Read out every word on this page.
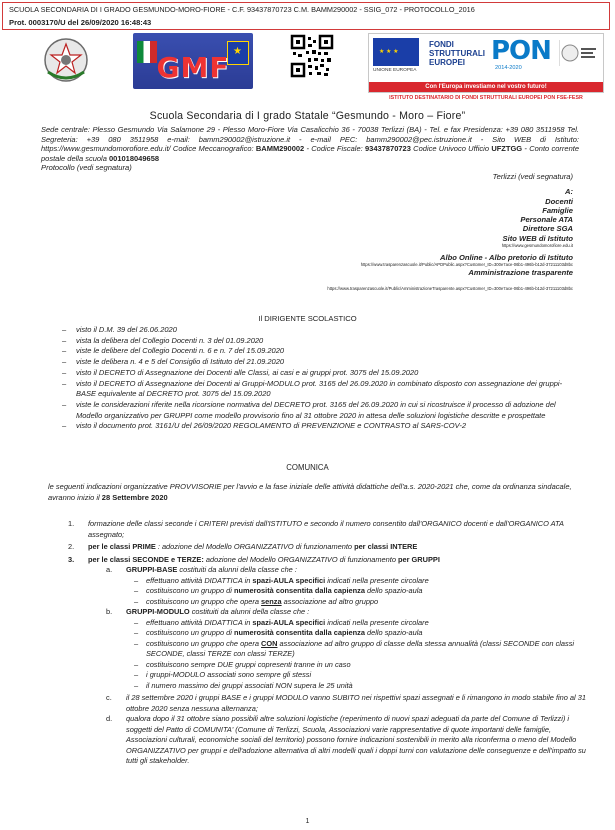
SCUOLA SECONDARIA DI I GRADO GESMUNDO-MORO-FIORE - C.F. 93437870723 C.M. BAMM290002 - SSIG_072 - PROTOCOLLO_2016
Prot. 0003170/U del 26/09/2020 16:48:43
★
GMF
★ ★ ★	UNIONE EUROPEA
FONDI
STRUTTURALI
EUROPEI PON
2014-2020
Con l'Europa investiamo nel vostro futuro!
ISTITUTO DESTINATARIO DI FONDI STRUTTURALI EUROPEI PON FSE-FESR
Scuola Secondaria di I grado Statale “Gesmundo - Moro – Fiore”
Sede centrale: Plesso Gesmundo Via Salamone 29 - Plesso Moro-Fiore Via Casalicchio 36 - 70038 Terlizzi (BA) - Tel. e fax Presidenza: +39 080 3511958 Tel. Segreteria: +39 080 3511958 e-mail: bamm290002@istruzione.it - e-mail PEC: bamm290002@pec.istruzione.it - Sito WEB di Istituto: https://www.gesmundomorofiore.edu.it/ Codice Meccanografico: BAMM290002 - Codice Fiscale: 93437870723 Codice Univoco Ufficio UFZTGG - Conto corrente postale della scuola 001018049658
Protocollo (vedi segnatura)
Terlizzi (vedi segnatura)
A:
Docenti
Famiglie
Personale ATA
Direttore SGA
Sito WEB di Istituto
https://www.gesmundomorofiore.edu.it
Albo Online - Albo pretorio di Istituto
https://www.trasparenzascuole.it/Public/APDPublic.aspx?Customer_ID=300e7ace-06b1-496b-b12d-37211103d8bc
Amministrazione trasparente
https://www.trasparenzascuole.it/Public/AmministrazioneTrasparente.aspx?Customer_ID=300e7ace-06b1-496b-b12d-37211103d8bc
Il DIRIGENTE SCOLASTICO
– visto il D.M. 39 del 26.06.2020
– vista la delibera del Collegio Docenti n. 3 del 01.09.2020
– viste le delibere del Collegio Docenti n. 6 e n. 7 del 15.09.2020
– viste le delibera n. 4 e 5 del Consiglio di Istituto del 21.09.2020
– visto il DECRETO di Assegnazione dei Docenti alle Classi, ai casi e ai gruppi prot. 3075 del 15.09.2020
– visto il DECRETO di Assegnazione dei Docenti ai Gruppi-MODULO prot. 3165 del 26.09.2020 in combinato disposto con assegnazione dei gruppi-BASE equivalente al DECRETO prot. 3075 del 15.09.2020
– viste le considerazioni riferite nella ricorsione normativa del DECRETO prot. 3165 del 26.09.2020 in cui si ricostruisce il processo di adozione del Modello organizzativo per GRUPPI come modello provvisorio fino al 31 ottobre 2020 in attesa delle soluzioni logistiche descritte e prospettate
– visto il documento prot. 3161/U del 26/09/2020 REGOLAMENTO di PREVENZIONE e CONTRASTO al SARS-COV-2
COMUNICA
le seguenti indicazioni organizzative PROVVISORIE per l'avvio e la fase iniziale delle attività didattiche dell'a.s. 2020-2021 che, come da ordinanza sindacale, avranno inizio il 28 Settembre 2020
1. formazione delle classi seconde i CRITERI previsti dall'ISTITUTO e secondo il numero consentito dall'ORGANICO docenti e dall'ORGANICO ATA assegnato;
2. per le classi PRIME : adozione del Modello ORGANIZZATIVO di funzionamento per classi INTERE
3. per le classi SECONDE e TERZE: adozione del Modello ORGANIZZATIVO di funzionamento per GRUPPI
a. GRUPPI-BASE costituiti da alunni della classe che :
– effettuano attività DIDATTICA in spazi-AULA specifici indicati nella presente circolare
– costituiscono un gruppo di numerosità consentita dalla capienza dello spazio-aula
– costituiscono un gruppo che opera senza associazione ad altro gruppo
b. GRUPPI-MODULO costituiti da alunni della classe che :
– effettuano attività DIDATTICA in spazi-AULA specifici indicati nella presente circolare
– costituiscono un gruppo di numerosità consentita dalla capienza dello spazio-aula
– costituiscono un gruppo che opera CON associazione ad altro gruppo di classe della stessa annualità (classi SECONDE con classi SECONDE, classi TERZE con classi TERZE)
– costituiscono sempre DUE gruppi copresenti tranne in un caso
– i gruppi-MODULO associati sono sempre gli stessi
– il numero massimo dei gruppi associati NON supera le 25 unità
c. il 28 settembre 2020 i gruppi BASE e i gruppi MODULO vanno SUBITO nei rispettivi spazi assegnati e li rimangono in modo stabile fino al 31 ottobre 2020 senza nessuna alternanza;
d. qualora dopo il 31 ottobre siano possibili altre soluzioni logistiche (reperimento di nuovi spazi adeguati da parte del Comune di Terlizzi) i soggetti del Patto di COMUNITA' (Comune di Terlizzi, Scuola, Associazioni varie rappresentative di quote importanti delle famiglie, Associazioni culturali, economiche sociali del territorio) possono fornire indicazioni sostenibili in merito alla riconferma o meno del Modello ORGANIZZATIVO per gruppi e dell'adozione alternativa di altri modelli quali i doppi turni con valutazione delle conseguenze e dell'impatto su tutti gli stakeholder.
1
